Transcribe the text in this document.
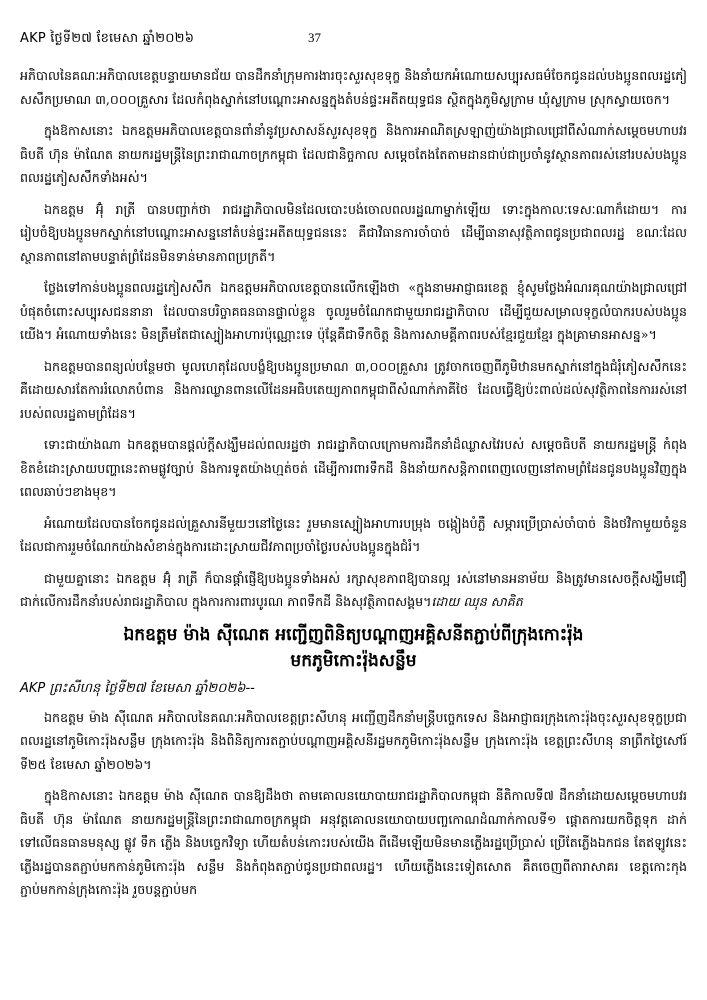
AKP ថ្ងៃទី២៧ ខែមេសា ឆ្នាំ២០២៦	37

អភិបាលនៃគណៈអភិបាលខេត្តបន្ទាយមានជ័យ បានដឹកនាំក្រុមការងារចុះសួរសុខទុក្ខ និងនាំយកអំណោយសប្បុរសធម៌ចែកជូនដល់បងប្អូនពលរដ្ឋភៀសសឹកប្រមាណ ៣,០០០គ្រួសារ ដែលកំពុងស្នាក់នៅបណ្តោះអាសន្នក្នុងតំបន់ផ្ទះអតីតយុទ្ធជន ស្ថិតក្នុងភូមិស្លក្រាម ឃុំស្លក្រាម ស្រុកស្វាយចេក។

ក្នុងឱកាសនោះ ឯកឧត្តមអភិបាលខេត្តបានពាំនាំនូវប្រសាសន៍សួរសុខទុក្ខ និងការអាណិតស្រឡាញ់យ៉ាងជ្រាលជ្រៅពីសំណាក់សម្តេចមហាបវរធិបតី ហ៊ុន ម៉ាណែត នាយករដ្ឋមន្ត្រីនៃព្រះរាជាណាចក្រកម្ពុជា ដែលជានិច្ចកាល សម្តេចតែងតែតាមដានជាប់ជាប្រចាំនូវស្ថានភាពរស់នៅរបស់បងប្អូនពលរដ្ឋភៀសសឹកទាំងអស់។

ឯកឧត្តម អ៊ុំ រាត្រី បានបញ្ជាក់ថា រាជរដ្ឋាភិបាលមិនដែលបោះបង់ចោលពលរដ្ឋណាម្នាក់ឡើយ ទោះក្នុងកាលៈទេសៈណាក៏ដោយ។ ការរៀបចំឱ្យបងប្អូនមកស្នាក់នៅបណ្តោះអាសន្ននៅតំបន់ផ្ទះអតីតយុទ្ធជននេះ គឺជាវិធានការចាំបាច់ ដើម្បីធានាសុវត្ថិភាពជូនប្រជាពលរដ្ឋ ខណៈដែលស្ថានភាពនៅតាមបន្ទាត់ព្រំដែនមិនទាន់មានភាពប្រក្រតី។

ថ្លែងទៅកាន់បងប្អូនពលរដ្ឋភៀសសឹក ឯកឧត្តមអភិបាលខេត្តបានលើកឡើងថា «ក្នុងនាមអាជ្ញាធរខេត្ត ខ្ញុំសូមថ្លែងអំណរគុណយ៉ាងជ្រាលជ្រៅបំផុតចំពោះសប្បុរសជននានា ដែលបានបរិច្ចាគធនធានផ្ទាល់ខ្លួន ចូលរួមចំណែកជាមួយរាជរដ្ឋាភិបាល ដើម្បីជួយសម្រាលទុក្ខលំបាករបស់បងប្អូនយើង។ អំណោយទាំងនេះ មិនត្រឹមតែជាស្បៀងអាហារប៉ុណ្ណោះទេ ប៉ុន្តែគឺជាទឹកចិត្ត និងការសាមគ្គីភាពរបស់ខ្មែរជួយខ្មែរ ក្នុងគ្រាមានអាសន្ន»។

ឯកឧត្តមបានពន្យល់បន្ថែមថា មូលហេតុដែលបង្ខំឱ្យបងប្អូនប្រមាណ ៣,០០០គ្រួសារ ត្រូវចាកចេញពីភូមិឋានមកស្នាក់នៅក្នុងជំរុំភៀសសឹកនេះ គឺដោយសារតែការរំលោភបំពាន និងការឈ្លានពានលើដែនអធិបតេយ្យភាពកម្ពុជាពីសំណាក់ភាគីថៃ ដែលធ្វើឱ្យប៉ះពាល់ដល់សុវត្ថិភាពនៃការរស់នៅរបស់ពលរដ្ឋតាមព្រំដែន។

ទោះជាយ៉ាងណា ឯកឧត្តមបានផ្តល់ក្តីសង្ឃឹមដល់ពលរដ្ឋថា រាជរដ្ឋាភិបាលក្រោមការដឹកនាំដ៏ឈ្លាសវៃរបស់ សម្តេចធិបតី នាយករដ្ឋមន្ត្រី កំពុងខិតខំដោះស្រាយបញ្ហានេះតាមផ្លូវច្បាប់ និងការទូតយ៉ាងហ្មត់ចត់ ដើម្បីការពារទឹកដី និងនាំយកសន្តិភាពពេញលេញនៅតាមព្រំដែនជូនបងប្អូនវិញក្នុងពេលឆាប់ៗខាងមុខ។

អំណោយដែលបានចែកជូនដល់គ្រួសារនីមួយៗនៅថ្ងៃនេះ រួមមានស្បៀងអាហារបម្រុង ចង្កៀងបំភ្លឺ សម្ភារប្រើប្រាស់ចាំបាច់ និងថវិកាមួយចំនួន ដែលជាការរួមចំណែកយ៉ាងសំខាន់ក្នុងការដោះស្រាយជីវភាពប្រចាំថ្ងៃរបស់បងប្អូនក្នុងជំរំ។

ជាមួយគ្នានោះ ឯកឧត្តម អ៊ុំ រាត្រី ក៏បានផ្តាំផ្ញើឱ្យបងប្អូនទាំងអស់ រក្សាសុខភាពឱ្យបានល្អ រស់នៅមានអនាម័យ និងត្រូវមានសេចក្តីសង្ឃឹមជឿជាក់លើការដឹកនាំរបស់រាជរដ្ឋាភិបាល ក្នុងការការពារបូរណ ភាពទឹកដី និងសុវត្ថិភាពសង្គម។ដោយ ឈុន សាគិត

ឯកឧត្តម ម៉ាង ស៊ីណេត អញ្ជើញពិនិត្យបណ្តាញអគ្គិសនីតភ្ជាប់ពីក្រុងកោះរ៉ុង
មកភូមិកោះរ៉ុងសន្លឹម
AKP ព្រះសីហនុ ថ្ងៃទី២៧ ខែមេសា ឆ្នាំ២០២៦--

ឯកឧត្តម ម៉ាង ស៊ីណេត អភិបាលនៃគណៈអភិបាលខេត្តព្រះសីហនុ អញ្ជើញដឹកនាំមន្ត្រីបច្ចេកទេស និងអាជ្ញាធរក្រុងកោះរ៉ុងចុះសួរសុខទុក្ខប្រជាពលរដ្ឋនៅភូមិកោះរ៉ុងសន្លឹម ក្រុងកោះរ៉ុង និងពិនិត្យការតភ្ជាប់បណ្តាញអគ្គិសនីរដ្ឋមកភូមិកោះរ៉ុងសន្លឹម ក្រុងកោះរ៉ុង ខេត្តព្រះសីហនុ នាព្រឹកថ្ងៃសៅរ៍ ទី២៥ ខែមេសា ឆ្នាំ២០២៦។

ក្នុងឱកាសនោះ ឯកឧត្តម ម៉ាង ស៊ីណេត បានឱ្យដឹងថា តាមគោលនយោបាយរាជរដ្ឋាភិបាលកម្ពុជា នីតិកាលទី៧ ដឹកនាំដោយសម្តេចមហាបវរធិបតី ហ៊ុន ម៉ាណែត នាយករដ្ឋមន្ត្រីនៃព្រះរាជាណាចក្រកម្ពុជា អនុវត្តគោលនយោបាយបញ្ចកោណដំណាក់កាលទី១ ផ្តោតការយកចិត្តទុក ដាក់ទៅលើធនធានមនុស្ស ផ្លូវ ទឹក ភ្លើង និងបច្ចេកវិទ្យា ហើយតំបន់កោះរបស់យើង ពីដើមឡើយមិនមានភ្លើងរដ្ឋប្រើប្រាស់ ប្រើតែភ្លើងឯកជន តែឥឡូវនេះ ភ្លើងរដ្ឋបានតភ្ជាប់មកកាន់ភូមិកោះរ៉ុង សន្លឹម និងកំពុងតភ្ជាប់ជូនប្រជាពលរដ្ឋ។ ហើយភ្លើងនេះទៀតសោត គឺតចេញពីតារាសាគរ ខេត្តកោះកុង ភ្ជាប់មកកាន់ក្រុងកោះរ៉ុង រួចបន្តភ្ជាប់មក
